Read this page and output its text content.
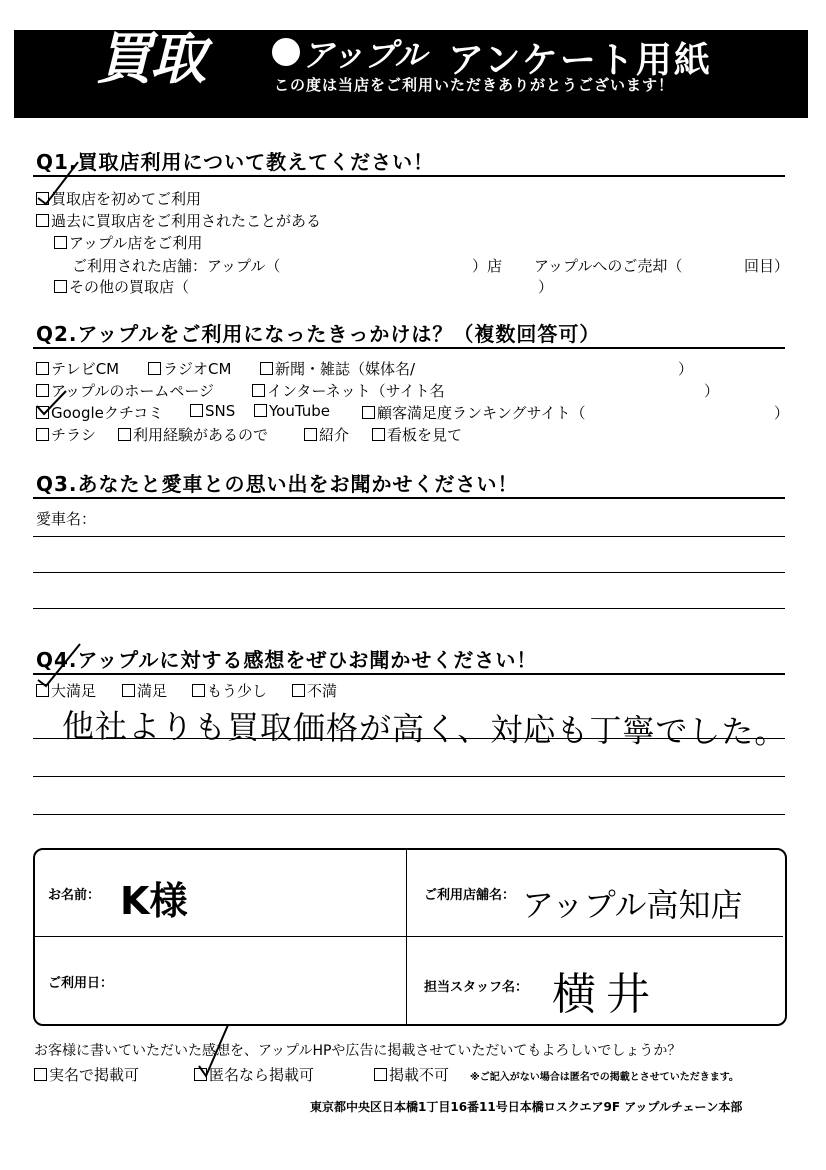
買取	アップル アンケート用紙
この度は当店をご利用いただきありがとうございます！
Q1.買取店利用について教えてください！
買取店を初めてご利用
過去に買取店をご利用されたことがある
アップル店をご利用
ご利用された店舗：アップル（	）店 アップルへのご売却（	回目）
その他の買取店（	）
Q2.アップルをご利用になったきっかけは？（複数回答可）
テレビCM	ラジオCM	新聞・雑誌（媒体名/	）
アップルのホームページ	インターネット（サイト名	）
Googleクチコミ	SNS	YouTube	顧客満足度ランキングサイト（	）
チラシ	利用経験があるので	紹介	看板を見て
Q3.あなたと愛車との思い出をお聞かせください！
愛車名：
Q4.アップルに対する感想をぜひお聞かせください！
大満足	満足	もう少し	不満
他社よりも買取価格が高く、対応も丁寧でした。
お名前： K様	ご利用店舗名： アップル高知店
ご利用日：	担当スタッフ名： 横井
お客様に書いていただいた感想を、アップルHPや広告に掲載させていただいてもよろしいでしょうか？
実名で掲載可	匿名なら掲載可	掲載不可 ※ご記入がない場合は匿名での掲載とさせていただきます。
東京都中央区日本橋1丁目16番11号日本橋ロスクエア9F アップルチェーン本部
